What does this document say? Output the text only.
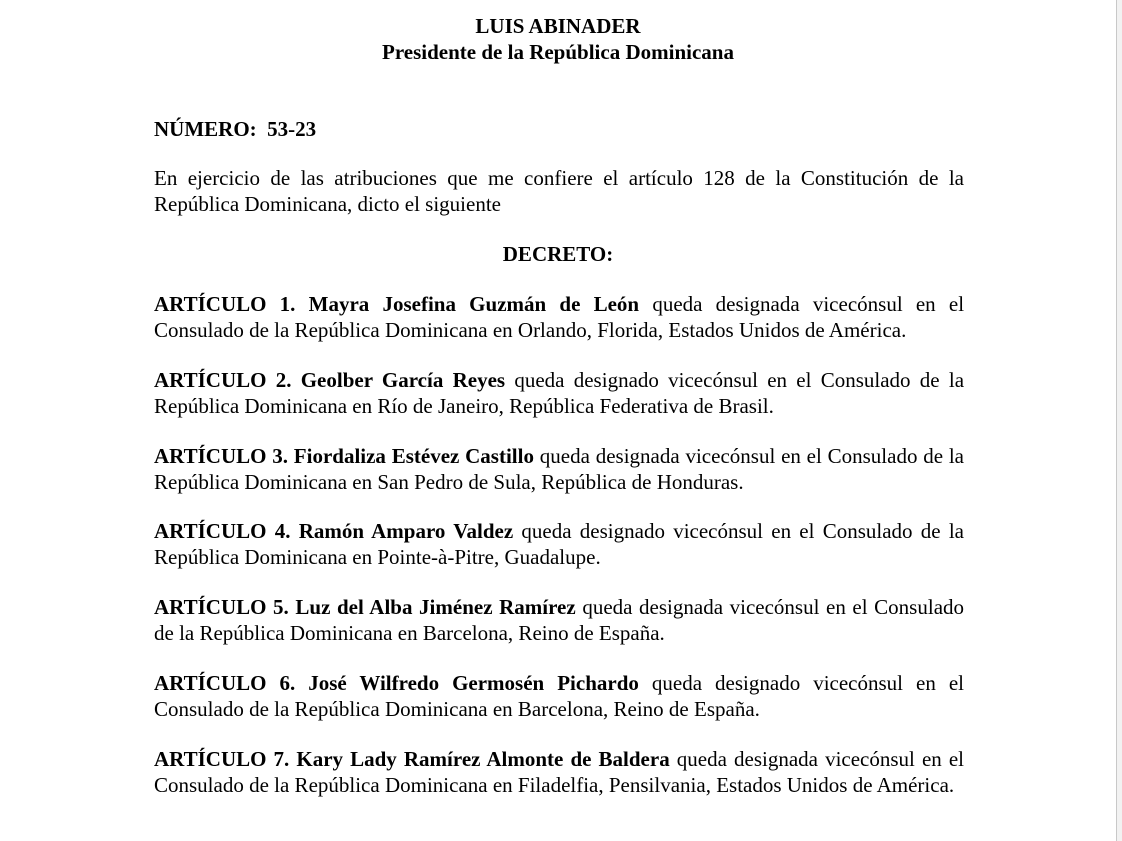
LUIS ABINADER
Presidente de la República Dominicana
NÚMERO:  53-23
En ejercicio de las atribuciones que me confiere el artículo 128 de la Constitución de la República Dominicana, dicto el siguiente
DECRETO:
ARTÍCULO 1. Mayra Josefina Guzmán de León queda designada vicecónsul en el Consulado de la República Dominicana en Orlando, Florida, Estados Unidos de América.
ARTÍCULO 2. Geolber García Reyes queda designado vicecónsul en el Consulado de la República Dominicana en Río de Janeiro, República Federativa de Brasil.
ARTÍCULO 3. Fiordaliza Estévez Castillo queda designada vicecónsul en el Consulado de la República Dominicana en San Pedro de Sula, República de Honduras.
ARTÍCULO 4. Ramón Amparo Valdez queda designado vicecónsul en el Consulado de la República Dominicana en Pointe-à-Pitre, Guadalupe.
ARTÍCULO 5. Luz del Alba Jiménez Ramírez queda designada vicecónsul en el Consulado de la República Dominicana en Barcelona, Reino de España.
ARTÍCULO 6. José Wilfredo Germosén Pichardo queda designado vicecónsul en el Consulado de la República Dominicana en Barcelona, Reino de España.
ARTÍCULO 7. Kary Lady Ramírez Almonte de Baldera queda designada vicecónsul en el Consulado de la República Dominicana en Filadelfia, Pensilvania, Estados Unidos de América.
